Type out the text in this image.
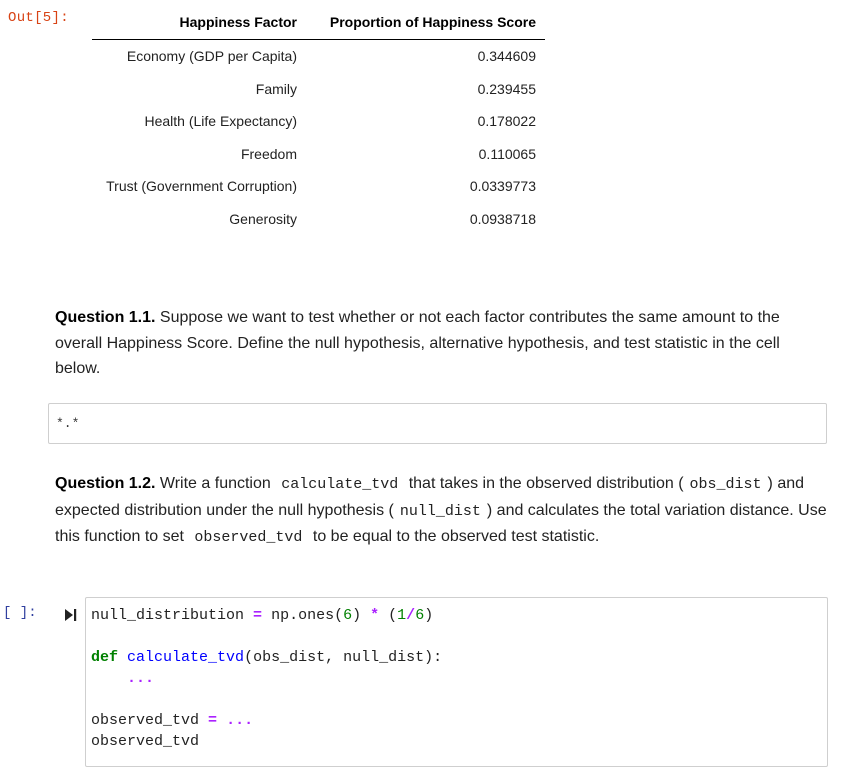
Out[5]:	Happiness Factor	Proportion of Happiness Score
Economy (GDP per Capita)	0.344609
Family	0.239455
Health (Life Expectancy)	0.178022
Freedom	0.110065
Trust (Government Corruption)	0.0339773
Generosity	0.0938718
Question 1.1. Suppose we want to test whether or not each factor contributes the same amount to the overall Happiness Score. Define the null hypothesis, alternative hypothesis, and test statistic in the cell below.
*.*
Question 1.2. Write a function calculate_tvd that takes in the observed distribution ( obs_dist ) and expected distribution under the null hypothesis ( null_dist ) and calculates the total variation distance. Use this function to set observed_tvd to be equal to the observed test statistic.
[ ]:	null_distribution = np.ones(6) * (1/6)

def calculate_tvd(obs_dist, null_dist):
...

observed_tvd = ...
observed_tvd
